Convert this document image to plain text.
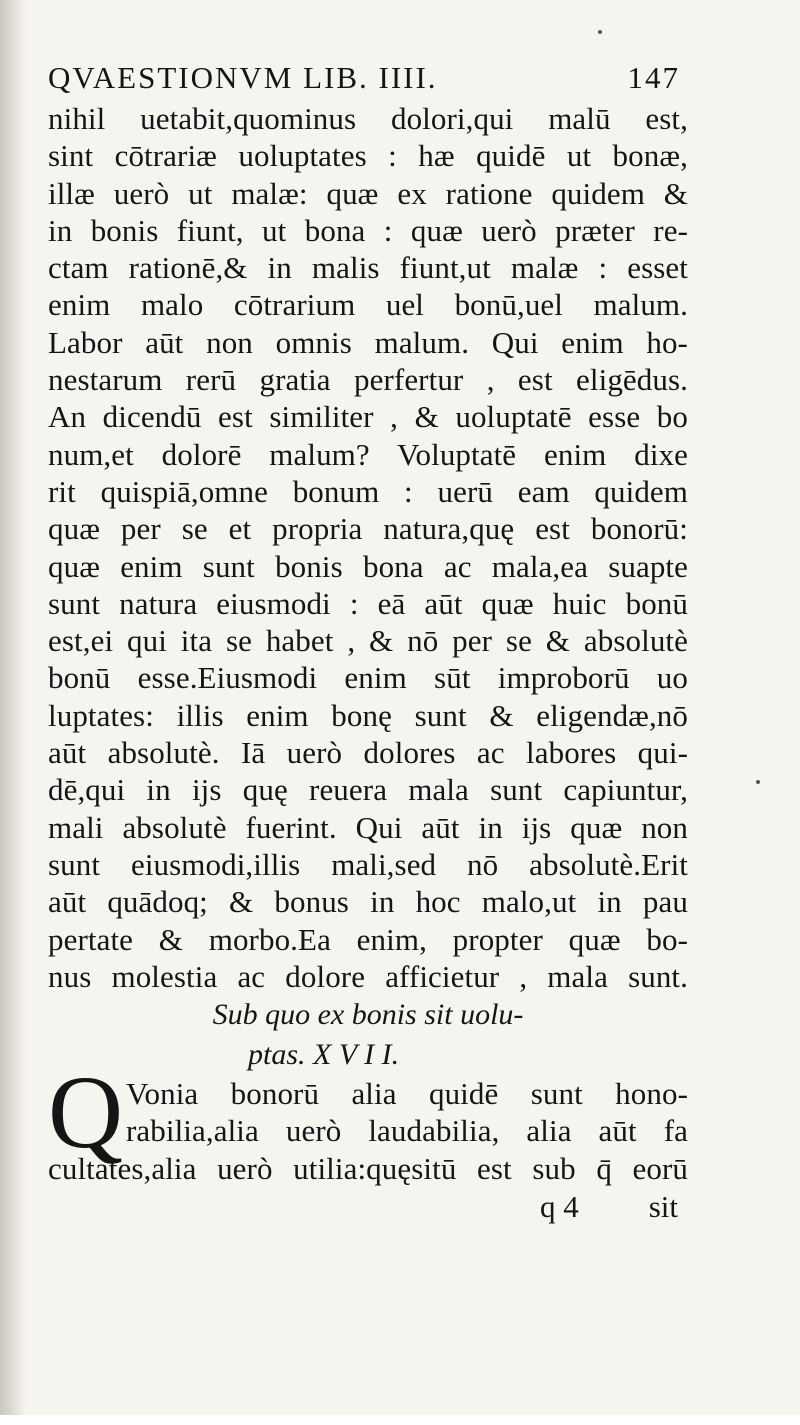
QVAESTIONVM LIB. IIII.	147
nihil uetabit,quominus dolori,qui malū est,
sint cōtrariæ uoluptates : hæ quidē ut bonæ,
illæ uerò ut malæ: quæ ex ratione quidem &
in bonis fiunt, ut bona : quæ uerò præter re-
ctam rationē,& in malis fiunt,ut malæ : esset
enim malo cōtrarium uel bonū,uel malum.
Labor aūt non omnis malum. Qui enim ho-
nestarum rerū gratia perfertur , est eligēdus.
An dicendū est similiter , & uoluptatē esse bo
num,et dolorē malum? Voluptatē enim dixe
rit quispiā,omne bonum : uerū eam quidem
quæ per se et propria natura,quę est bonorū:
quæ enim sunt bonis bona ac mala,ea suapte
sunt natura eiusmodi : eā aūt quæ huic bonū
est,ei qui ita se habet , & nō per se & absolutè
bonū esse.Eiusmodi enim sūt improborū uo
luptates: illis enim bonę sunt & eligendæ,nō
aūt absolutè. Iā uerò dolores ac labores qui-
dē,qui in ijs quę reuera mala sunt capiuntur,
mali absolutè fuerint. Qui aūt in ijs quæ non
sunt eiusmodi,illis mali,sed nō absolutè.Erit
aūt quādoq; & bonus in hoc malo,ut in pau
pertate & morbo.Ea enim, propter quæ bo-
nus molestia ac dolore afficietur , mala sunt.
Sub quo ex bonis sit uolu-
ptas. X V I I.
Q Vonia bonorū alia quidē sunt hono-
rabilia,alia uerò laudabilia, alia aūt fa
cultates,alia uerò utilia:quęsitū est sub q̄ eorū
q 4 sit
